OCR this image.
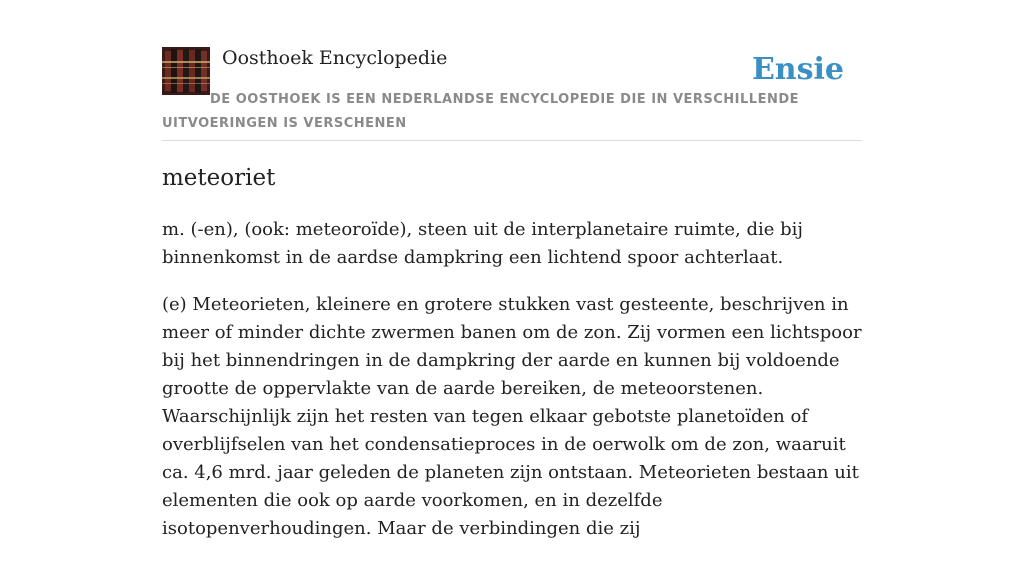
Oosthoek Encyclopedie	Ensie
DE OOSTHOEK IS EEN NEDERLANDSE ENCYCLOPEDIE DIE IN VERSCHILLENDE UITVOERINGEN IS VERSCHENEN
meteoriet

m. (-en), (ook: meteoroïde), steen uit de interplanetaire ruimte, die bij binnenkomst in de aardse dampkring een lichtend spoor achterlaat.

(e) Meteorieten, kleinere en grotere stukken vast gesteente, beschrijven in meer of minder dichte zwermen banen om de zon. Zij vormen een lichtspoor bij het binnendringen in de dampkring der aarde en kunnen bij voldoende grootte de oppervlakte van de aarde bereiken, de meteoorstenen. Waarschijnlijk zijn het resten van tegen elkaar gebotste planetoïden of overblijfselen van het condensatieproces in de oerwolk om de zon, waaruit ca. 4,6 mrd. jaar geleden de planeten zijn ontstaan. Meteorieten bestaan uit elementen die ook op aarde voorkomen, en in dezelfde isotopenverhoudingen. Maar de verbindingen die zij
